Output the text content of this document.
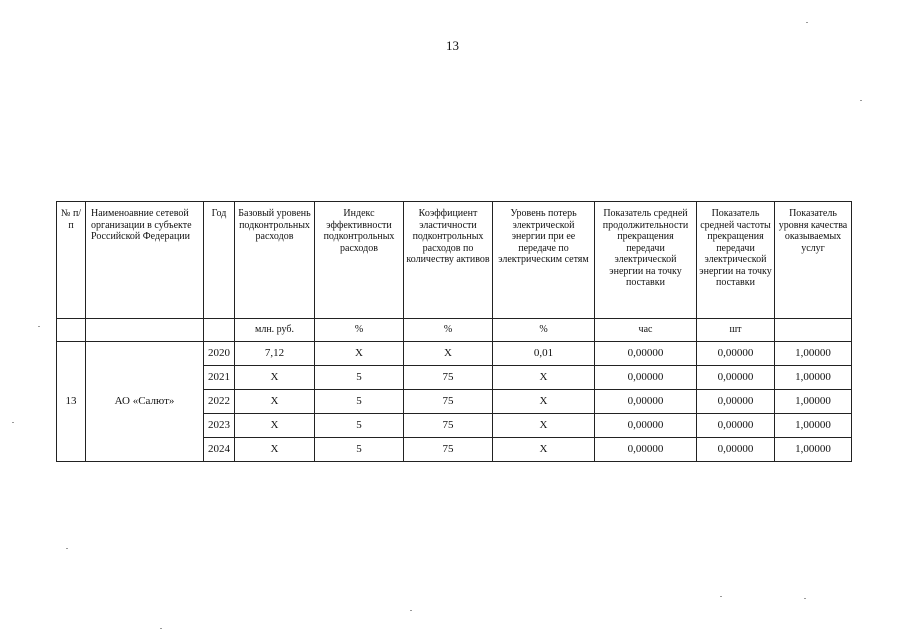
13
№ п/п	Наименоавние сетевой организации в субъекте Российской Федерации	Год	Базовый уровень подконтрольных расходов	Индекс эффективности подконтрольных расходов	Коэффициент эластичности подконтрольных расходов по количеству активов	Уровень потерь электрической энергии при ее передаче по электрическим сетям	Показатель средней продолжительности прекращения передачи электрической энергии на точку поставки	Показатель средней частоты прекращения передачи электрической энергии на точку поставки	Показатель уровня качества оказываемых услуг
			млн. руб.	%	%	%	час	шт	
13	АО «Салют»	2020	7,12	X	X	0,01	0,00000	0,00000	1,00000
		2021	X	5	75	X	0,00000	0,00000	1,00000
		2022	X	5	75	X	0,00000	0,00000	1,00000
		2023	X	5	75	X	0,00000	0,00000	1,00000
		2024	X	5	75	X	0,00000	0,00000	1,00000
